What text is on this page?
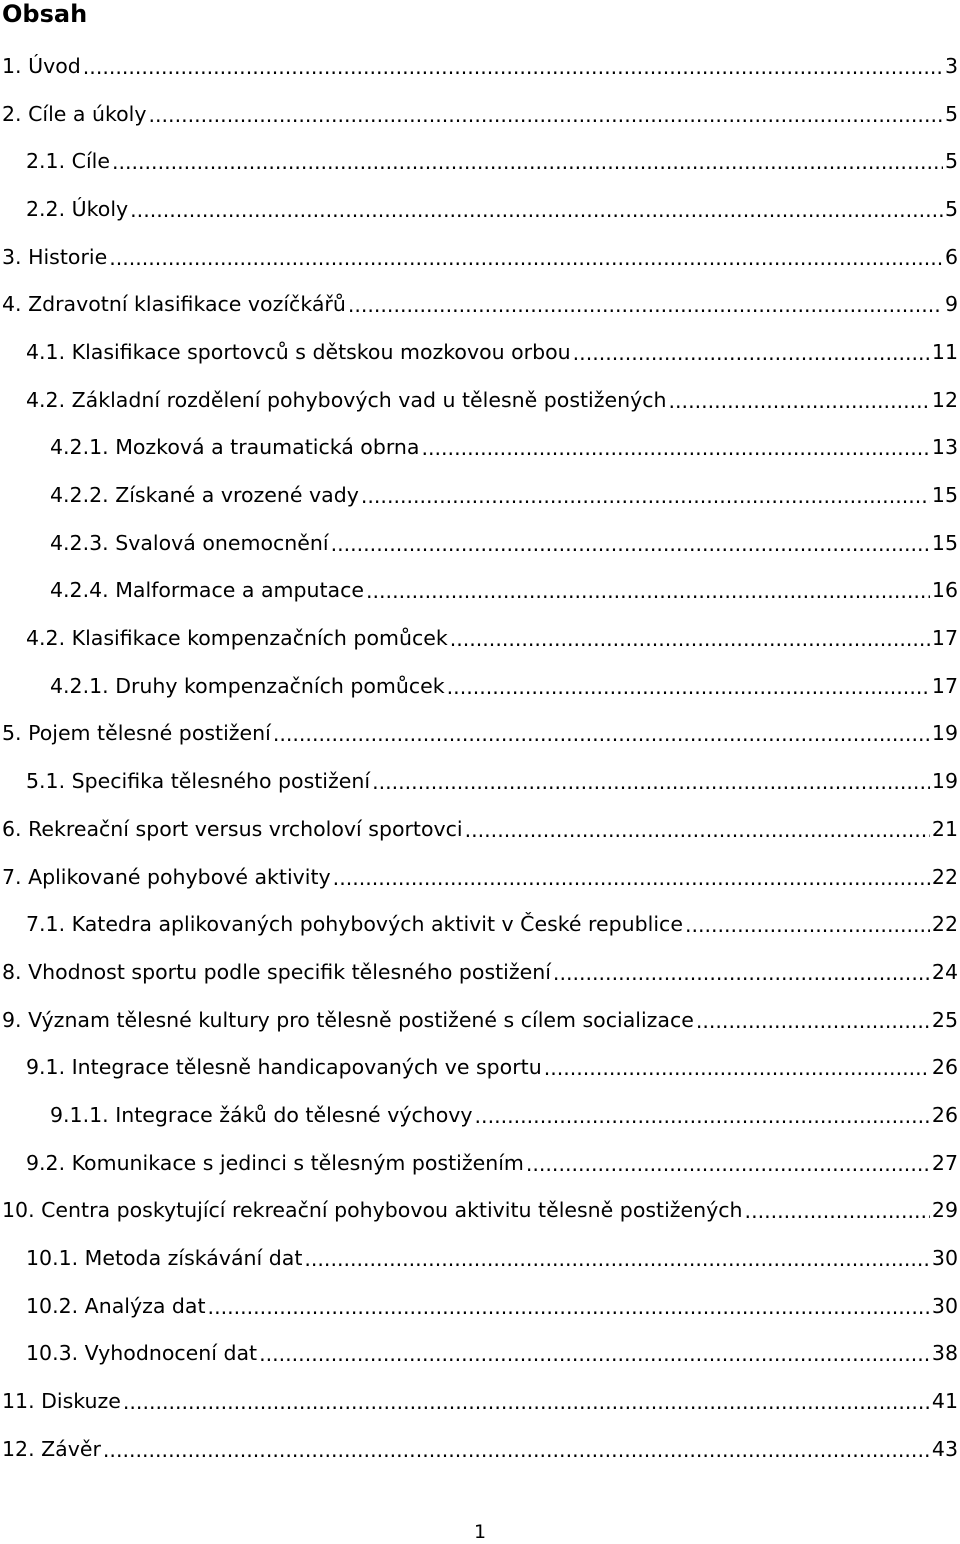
Obsah
1. Úvod .....	3
2. Cíle a úkoly .....	5
2.1. Cíle .....	5
2.2. Úkoly .....	5
3. Historie .....	6
4. Zdravotní klasifikace vozíčkářů .....	9
4.1. Klasifikace sportovců s dětskou mozkovou orbou .....	11
4.2. Základní rozdělení pohybových vad u tělesně postižených .....	12
4.2.1. Mozková a traumatická obrna .....	13
4.2.2. Získané a vrozené vady .....	15
4.2.3. Svalová onemocnění .....	15
4.2.4. Malformace a amputace .....	16
4.2. Klasifikace kompenzačních pomůcek .....	17
4.2.1. Druhy kompenzačních pomůcek .....	17
5. Pojem tělesné postižení .....	19
5.1. Specifika tělesného postižení .....	19
6. Rekreační sport versus vrcholoví sportovci .....	21
7. Aplikované pohybové aktivity .....	22
7.1. Katedra aplikovaných pohybových aktivit v České republice .....	22
8. Vhodnost sportu podle specifik tělesného postižení .....	24
9. Význam tělesné kultury pro tělesně postižené s cílem socializace .....	25
9.1. Integrace tělesně handicapovaných ve sportu .....	26
9.1.1. Integrace žáků do tělesné výchovy .....	26
9.2. Komunikace s jedinci s tělesným postižením .....	27
10. Centra poskytující rekreační pohybovou aktivitu tělesně postižených .....	29
10.1. Metoda získávání dat .....	30
10.2. Analýza dat .....	30
10.3. Vyhodnocení dat .....	38
11. Diskuze .....	41
12. Závěr .....	43
1
